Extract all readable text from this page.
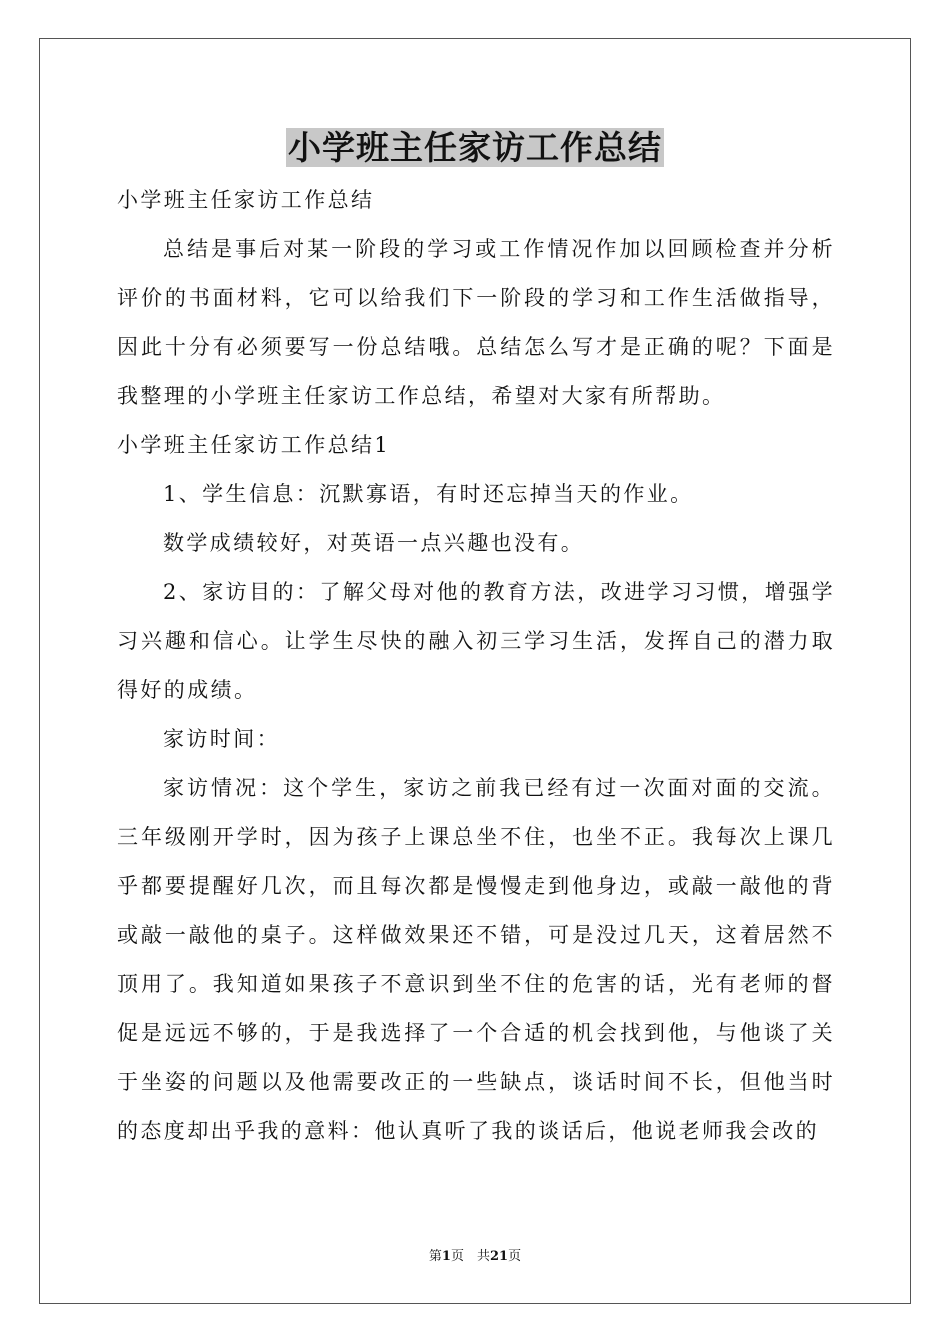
小学班主任家访工作总结

小学班主任家访工作总结

总结是事后对某一阶段的学习或工作情况作加以回顾检查并分析评价的书面材料，它可以给我们下一阶段的学习和工作生活做指导，因此十分有必须要写一份总结哦。总结怎么写才是正确的呢？下面是我整理的小学班主任家访工作总结，希望对大家有所帮助。

小学班主任家访工作总结1

1、学生信息：沉默寡语，有时还忘掉当天的作业。

数学成绩较好，对英语一点兴趣也没有。

2、家访目的：了解父母对他的教育方法，改进学习习惯，增强学习兴趣和信心。让学生尽快的融入初三学习生活，发挥自己的潜力取得好的成绩。

家访时间：

家访情况：这个学生，家访之前我已经有过一次面对面的交流。三年级刚开学时，因为孩子上课总坐不住，也坐不正。我每次上课几乎都要提醒好几次，而且每次都是慢慢走到他身边，或敲一敲他的背或敲一敲他的桌子。这样做效果还不错，可是没过几天，这着居然不顶用了。我知道如果孩子不意识到坐不住的危害的话，光有老师的督促是远远不够的，于是我选择了一个合适的机会找到他，与他谈了关于坐姿的问题以及他需要改正的一些缺点，谈话时间不长，但他当时的态度却出乎我的意料：他认真听了我的谈话后，他说老师我会改的

第1页　共21页
